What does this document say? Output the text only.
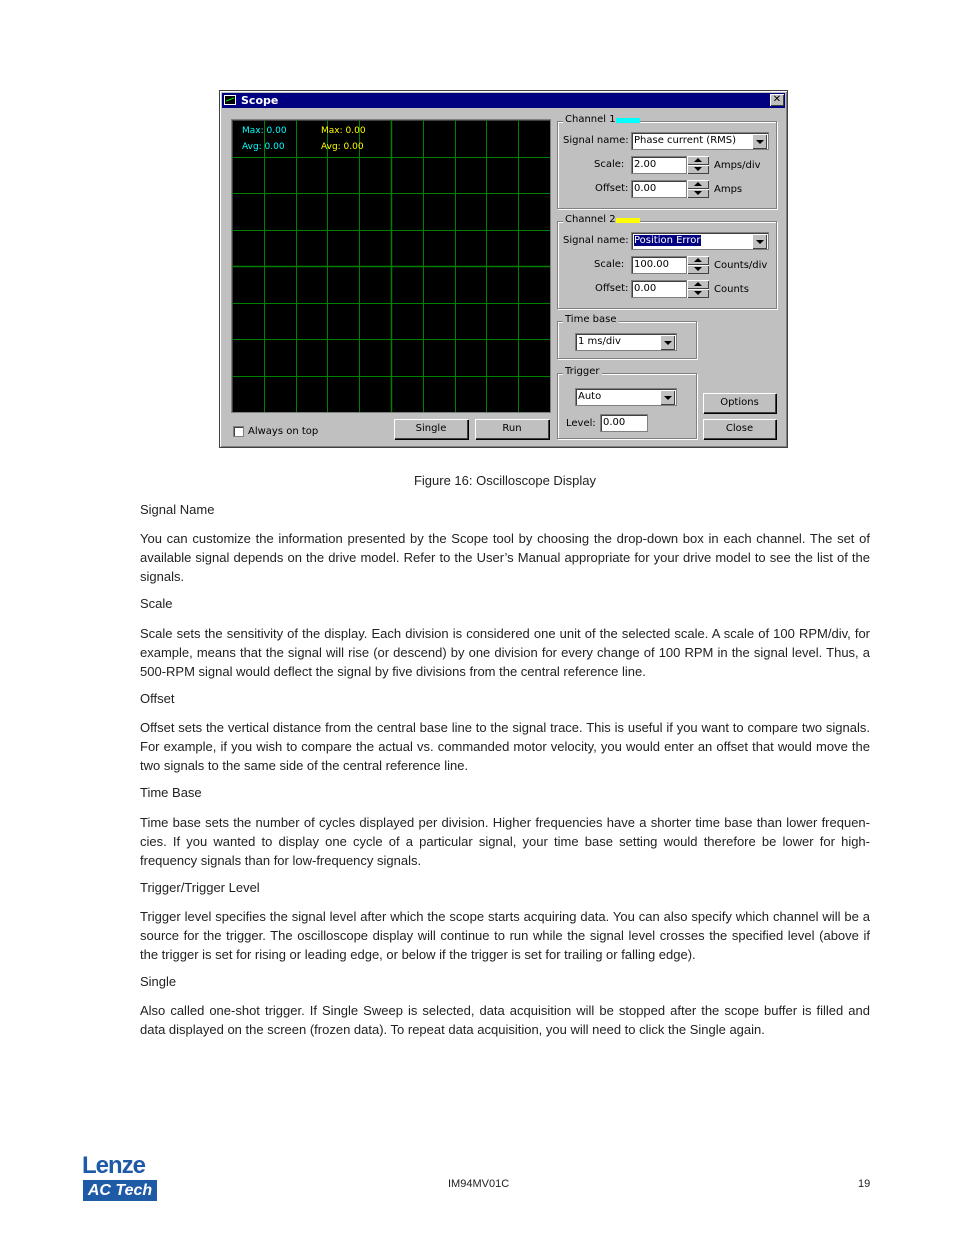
Scope	✕
Max: 0.00
Avg: 0.00
Max: 0.00
Avg: 0.00
Channel 1
Signal name: Phase current (RMS)
Scale: 2.00	Amps/div
Offset: 0.00	Amps
Channel 2
Signal name: Position Error
Scale: 100.00	Counts/div
Offset: 0.00	Counts
Time base
1 ms/div
Trigger
Auto
Level: 0.00
Options
Close
Single	Run
Always on top
Figure 16: Oscilloscope Display
Signal Name
You can customize the information presented by the Scope tool by choosing the drop-down box in each channel. The set of available signal depends on the drive model. Refer to the User’s Manual appropriate for your drive model to see the list of the signals.
Scale
Scale sets the sensitivity of the display. Each division is considered one unit of the selected scale. A scale of 100 RPM/div, for example, means that the signal will rise (or descend) by one division for every change of 100 RPM in the signal level. Thus, a 500-RPM signal would deflect the signal by five divisions from the central reference line.
Offset
Offset sets the vertical distance from the central base line to the signal trace. This is useful if you want to compare two signals. For example, if you wish to compare the actual vs. commanded motor velocity, you would enter an offset that would move the two signals to the same side of the central reference line.
Time Base
Time base sets the number of cycles displayed per division. Higher frequencies have a shorter time base than lower frequen-cies. If you wanted to display one cycle of a particular signal, your time base setting would therefore be lower for high-frequency signals than for low-frequency signals.
Trigger/Trigger Level
Trigger level specifies the signal level after which the scope starts acquiring data. You can also specify which channel will be a source for the trigger. The oscilloscope display will continue to run while the signal level crosses the specified level (above if the trigger is set for rising or leading edge, or below if the trigger is set for trailing or falling edge).
Single
Also called one-shot trigger. If Single Sweep is selected, data acquisition will be stopped after the scope buffer is filled and data displayed on the screen (frozen data). To repeat data acquisition, you will need to click the Single again.
Lenze
AC Tech	IM94MV01C	19
